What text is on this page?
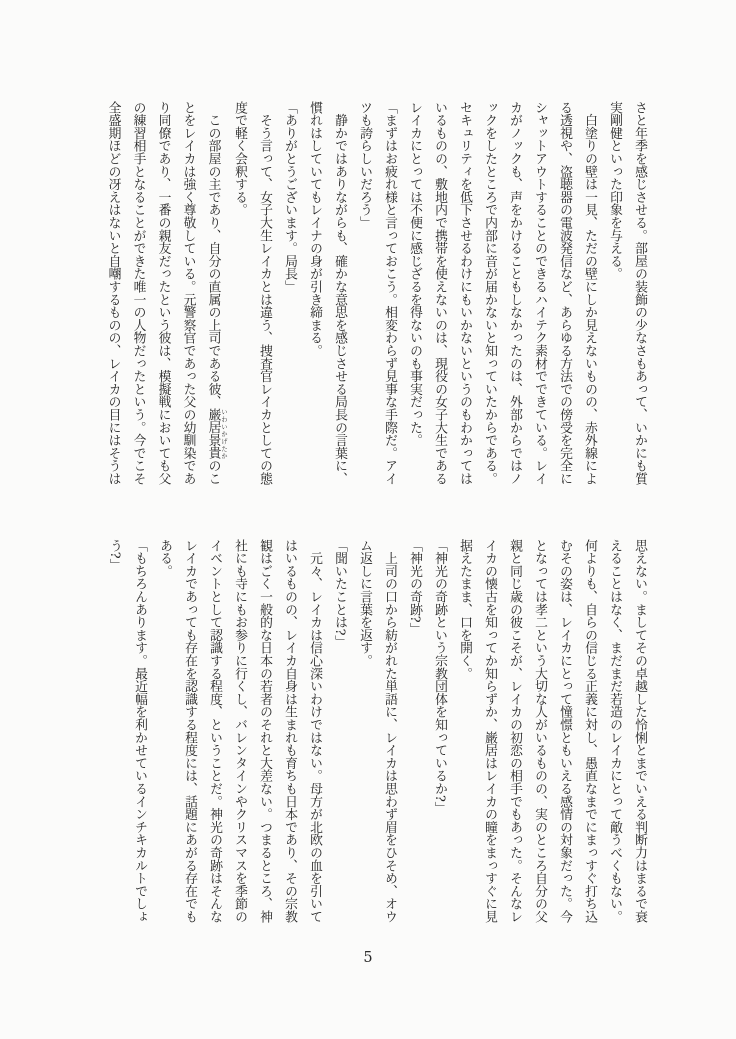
さと年季を感じさせる。部屋の装飾の少なさもあって、いかにも質
実剛健といった印象を与える。
　白塗りの壁は一見、ただの壁にしか見えないものの、赤外線によ
る透視や、盗聴器の電波発信など、あらゆる方法での傍受を完全に
シャットアウトすることのできるハイテク素材でできている。レイ
カがノックも、声をかけることもしなかったのは、外部からではノ
ックをしたところで内部に音が届かないと知っていたからである。
セキュリティを低下させるわけにもいかないというのもわかっては
いるものの、敷地内で携帯を使えないのは、現役の女子大生である
レイカにとっては不便に感じざるを得ないのも事実だった。
「まずはお疲れ様と言っておこう。相変わらず見事な手際だ。アイ
ツも誇らしいだろう」
　静かではありながらも、確かな意思を感じさせる局長の言葉に、
慣れはしていてもレイナの身が引き締まる。
「ありがとうございます。局長」
　そう言って、女子大生レイカとは違う、捜査官レイカとしての態
度で軽く会釈する。
　この部屋の主であり、自分の直属の上司である彼、巌居景貴 いわいかげたかのこ
とをレイカは強く尊敬している。元警察官であった父の幼馴染であ
り同僚であり、一番の親友だったという彼は、模擬戦においても父
の練習相手となることができた唯一の人物だったという。今でこそ
全盛期ほどの冴えはないと自嘲するものの、レイカの目にはそうは
思えない。ましてその卓越した怜悧とまでいえる判断力はまるで衰
えることはなく、まだまだ若造のレイカにとって敵うべくもない。
何よりも、自らの信じる正義に対し、愚直なまでにまっすぐ打ち込
むその姿は、レイカにとって憧憬ともいえる感情の対象だった。今
となっては孝二という大切な人がいるものの、実のところ自分の父
親と同じ歳の彼こそが、レイカの初恋の相手でもあった。そんなレ
イカの懐古を知ってか知らずか、巌居はレイカの瞳をまっすぐに見
据えたまま、口を開く。
「神光の奇跡という宗教団体を知っているか?」
「神光の奇跡?」
　上司の口から紡がれた単語に、レイカは思わず眉をひそめ、オウ
ム返しに言葉を返す。
「聞いたことは?」
　元々、レイカは信心深いわけではない。母方が北欧の血を引いて
はいるものの、レイカ自身は生まれも育ちも日本であり、その宗教
観はごく一般的な日本の若者のそれと大差ない。つまるところ、神
社にも寺にもお参りに行くし、バレンタインやクリスマスを季節の
イベントとして認識する程度、ということだ。神光の奇跡はそんな
レイカであっても存在を認識する程度には、話題にあがる存在でも
ある。
「もちろんあります。最近幅を利かせているインチキカルトでしょ
う?」
5
